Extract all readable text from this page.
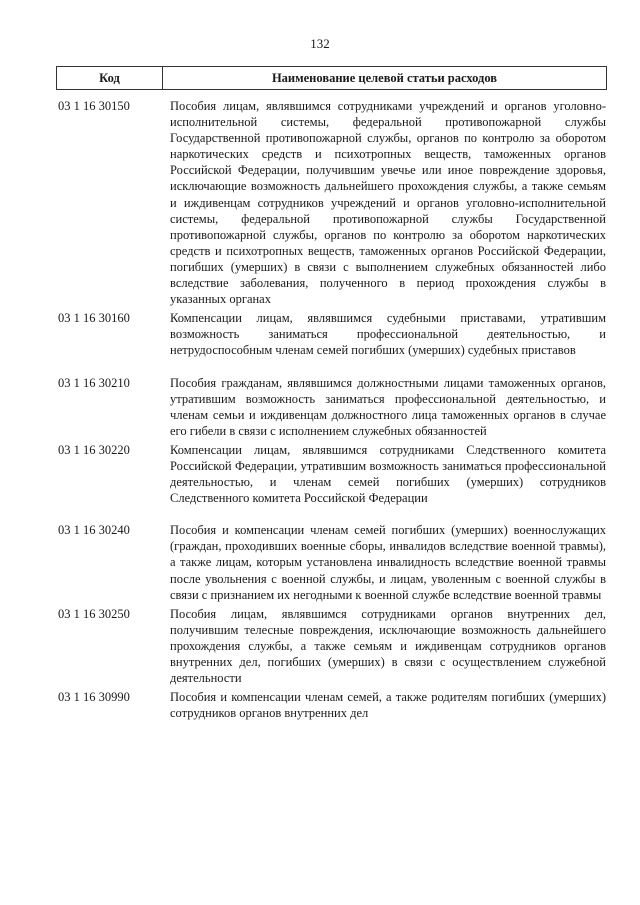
132
Код	Наименование целевой статьи расходов
03 1 16 30150	Пособия лицам, являвшимся сотрудниками учреждений и органов уголовно-исполнительной системы, федеральной противопожарной службы Государственной противопожарной службы, органов по контролю за оборотом наркотических средств и психотропных веществ, таможенных органов Российской Федерации, получившим увечье или иное повреждение здоровья, исключающие возможность дальнейшего прохождения службы, а также семьям и иждивенцам сотрудников учреждений и органов уголовно-исполнительной системы, федеральной противопожарной службы Государственной противопожарной службы, органов по контролю за оборотом наркотических средств и психотропных веществ, таможенных органов Российской Федерации, погибших (умерших) в связи с выполнением служебных обязанностей либо вследствие заболевания, полученного в период прохождения службы в указанных органах
03 1 16 30160	Компенсации лицам, являвшимся судебными приставами, утратившим возможность заниматься профессиональной деятельностью, и нетрудоспособным членам семей погибших (умерших) судебных приставов
03 1 16 30210	Пособия гражданам, являвшимся должностными лицами таможенных органов, утратившим возможность заниматься профессиональной деятельностью, и членам семьи и иждивенцам должностного лица таможенных органов в случае его гибели в связи с исполнением служебных обязанностей
03 1 16 30220	Компенсации лицам, являвшимся сотрудниками Следственного комитета Российской Федерации, утратившим возможность заниматься профессиональной деятельностью, и членам семей погибших (умерших) сотрудников Следственного комитета Российской Федерации
03 1 16 30240	Пособия и компенсации членам семей погибших (умерших) военнослужащих (граждан, проходивших военные сборы, инвалидов вследствие военной травмы), а также лицам, которым установлена инвалидность вследствие военной травмы после увольнения с военной службы, и лицам, уволенным с военной службы в связи с признанием их негодными к военной службе вследствие военной травмы
03 1 16 30250	Пособия лицам, являвшимся сотрудниками органов внутренних дел, получившим телесные повреждения, исключающие возможность дальнейшего прохождения службы, а также семьям и иждивенцам сотрудников органов внутренних дел, погибших (умерших) в связи с осуществлением служебной деятельности
03 1 16 30990	Пособия и компенсации членам семей, а также родителям погибших (умерших) сотрудников органов внутренних дел
